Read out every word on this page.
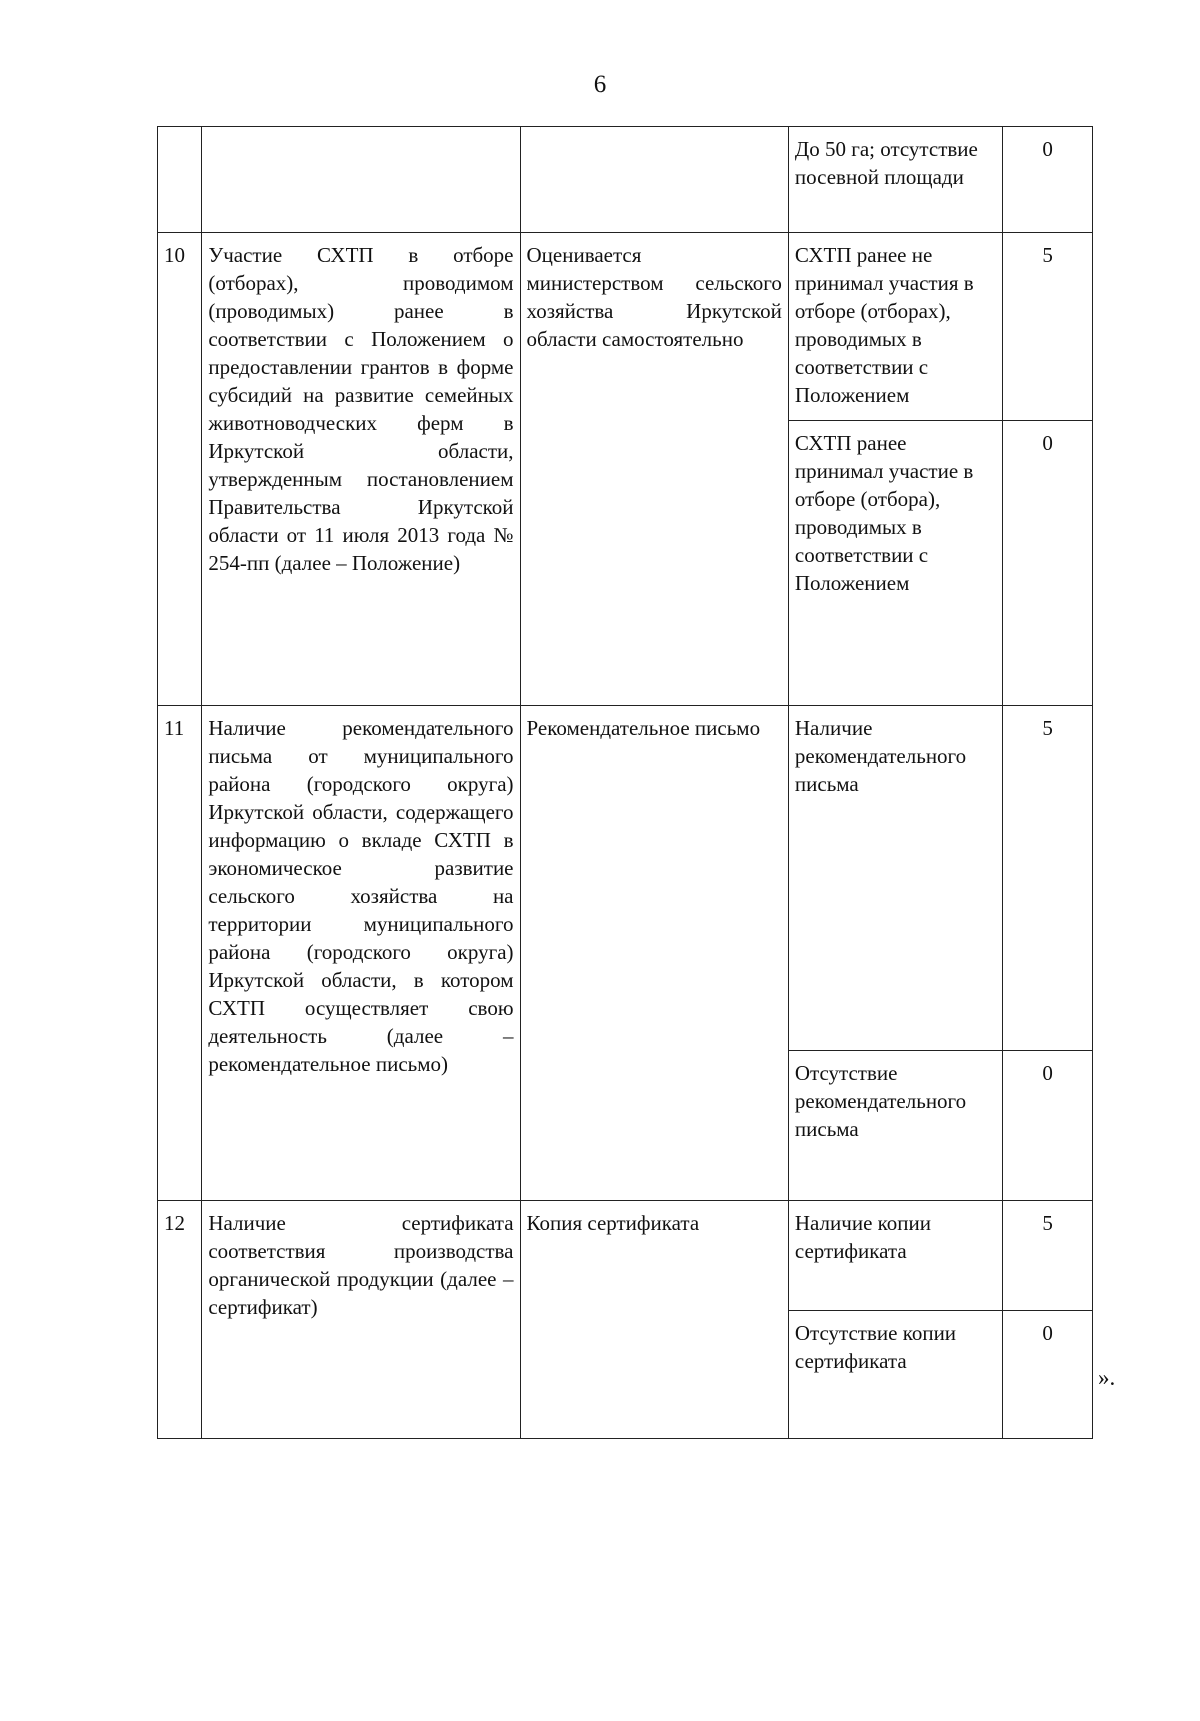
6
			До 50 га; отсутствие посевной площади	0
10	Участие СХТП в отборе (отборах), проводимом (проводимых) ранее в соответствии с Положением о предоставлении грантов в форме субсидий на развитие семейных животноводческих ферм в Иркутской области, утвержденным постановлением Правительства Иркутской области от 11 июля 2013 года № 254-пп (далее – Положение)	Оценивается министерством сельского хозяйства Иркутской области самостоятельно	СХТП ранее не принимал участия в отборе (отборах), проводимых в соответствии с Положением	5
			СХТП ранее принимал участие в отборе (отбора), проводимых в соответствии с Положением	0
11	Наличие рекомендательного письма от муниципального района (городского округа) Иркутской области, содержащего информацию о вкладе СХТП в экономическое развитие сельского хозяйства на территории муниципального района (городского округа) Иркутской области, в котором СХТП осуществляет свою деятельность (далее – рекомендательное письмо)	Рекомендательное письмо	Наличие рекомендательного письма	5
			Отсутствие рекомендательного письма	0
12	Наличие сертификата соответствия производства органической продукции (далее – сертификат)	Копия сертификата	Наличие копии сертификата	5
			Отсутствие копии сертификата	0
».
